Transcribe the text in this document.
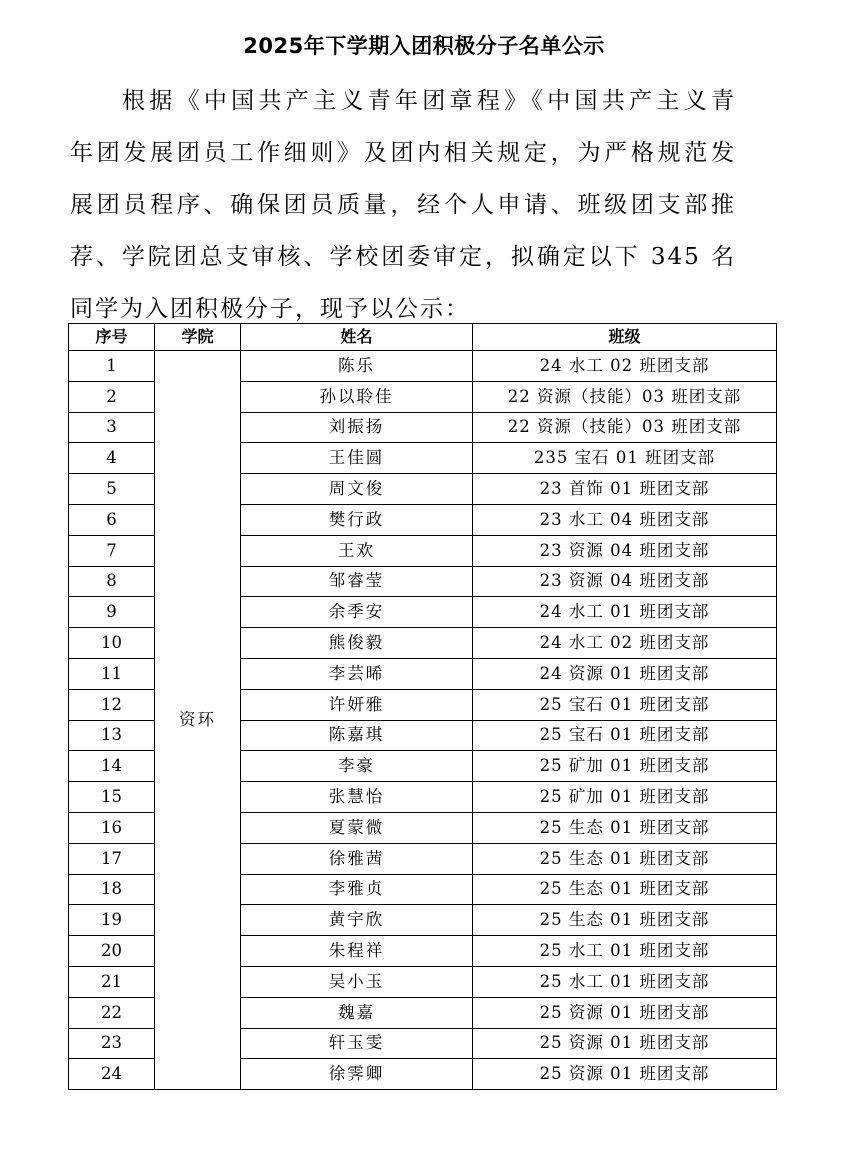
2025年下学期入团积极分子名单公示
根据《中国共产主义青年团章程》《中国共产主义青
年团发展团员工作细则》及团内相关规定，为严格规范发
展团员程序、确保团员质量，经个人申请、班级团支部推
荐、学院团总支审核、学校团委审定，拟确定以下 345 名
同学为入团积极分子，现予以公示：
序号	学院	姓名	班级
1	资环	陈乐	24 水工 02 班团支部
2		孙以聆佳	22 资源（技能）03 班团支部
3		刘振扬	22 资源（技能）03 班团支部
4		王佳圆	235 宝石 01 班团支部
5		周文俊	23 首饰 01 班团支部
6		樊行政	23 水工 04 班团支部
7		王欢	23 资源 04 班团支部
8		邹睿莹	23 资源 04 班团支部
9		余季安	24 水工 01 班团支部
10		熊俊毅	24 水工 02 班团支部
11		李芸晞	24 资源 01 班团支部
12		许妍雅	25 宝石 01 班团支部
13		陈嘉琪	25 宝石 01 班团支部
14		李豪	25 矿加 01 班团支部
15		张慧怡	25 矿加 01 班团支部
16		夏蒙微	25 生态 01 班团支部
17		徐雅茜	25 生态 01 班团支部
18		李雅贞	25 生态 01 班团支部
19		黄宇欣	25 生态 01 班团支部
20		朱程祥	25 水工 01 班团支部
21		吴小玉	25 水工 01 班团支部
22		魏嘉	25 资源 01 班团支部
23		轩玉雯	25 资源 01 班团支部
24		徐霁卿	25 资源 01 班团支部
